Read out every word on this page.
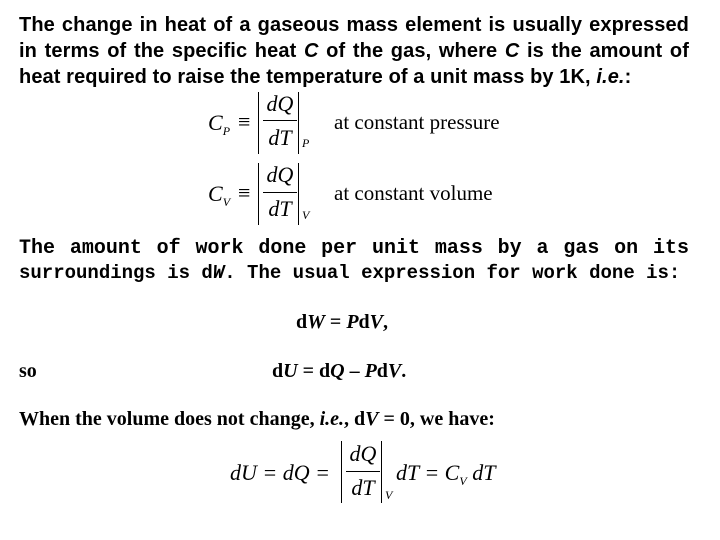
The change in heat of a gaseous mass element is usually expressed
in terms of the specific heat C of the gas, where C is the amount of
heat required to raise the temperature of a unit mass by 1K, i.e.:
$C_P$ ≡
dQ
dT P
at constant pressure
$C_V$ ≡
dQ
dT V
at constant volume
The amount of work done per unit mass by a gas on its
surroundings is dW. The usual expression for work done is:
dW = PdV,
so	dU = dQ – PdV.
When the volume does not change, i.e., dV = 0, we have:
dU = dQ =
dQ
dT V
dT = $C_V$ dT
